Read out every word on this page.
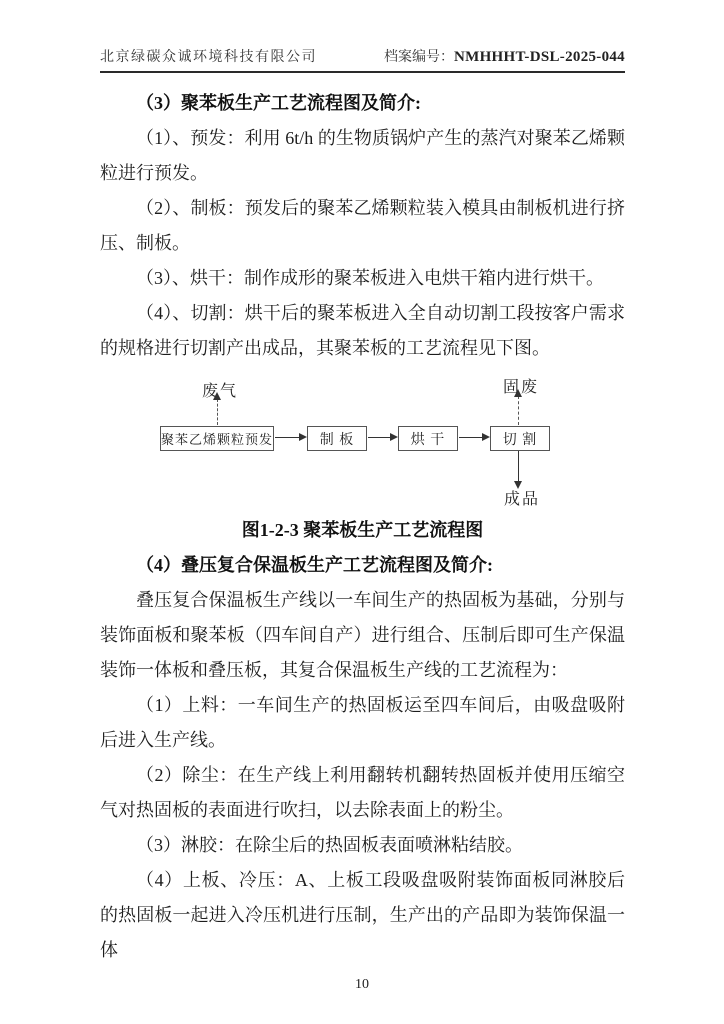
北京绿碳众诚环境科技有限公司	档案编号：NMHHHT-DSL-2025-044
（3）聚苯板生产工艺流程图及简介:

（1）、预发：利用 6t/h 的生物质锅炉产生的蒸汽对聚苯乙烯颗粒进行预发。

（2）、制板：预发后的聚苯乙烯颗粒装入模具由制板机进行挤压、制板。

（3）、烘干：制作成形的聚苯板进入电烘干箱内进行烘干。

（4）、切割：烘干后的聚苯板进入全自动切割工段按客户需求的规格进行切割产出成品，其聚苯板的工艺流程见下图。

废气
聚苯乙烯颗粒预发	制 板	烘 干	切 割
固废
成品

图1-2-3 聚苯板生产工艺流程图

（4）叠压复合保温板生产工艺流程图及简介:

叠压复合保温板生产线以一车间生产的热固板为基础，分别与装饰面板和聚苯板（四车间自产）进行组合、压制后即可生产保温装饰一体板和叠压板，其复合保温板生产线的工艺流程为：

（1）上料：一车间生产的热固板运至四车间后，由吸盘吸附后进入生产线。

（2）除尘：在生产线上利用翻转机翻转热固板并使用压缩空气对热固板的表面进行吹扫，以去除表面上的粉尘。

（3）淋胶：在除尘后的热固板表面喷淋粘结胶。

（4）上板、冷压：A、上板工段吸盘吸附装饰面板同淋胶后的热固板一起进入冷压机进行压制，生产出的产品即为装饰保温一体

10
